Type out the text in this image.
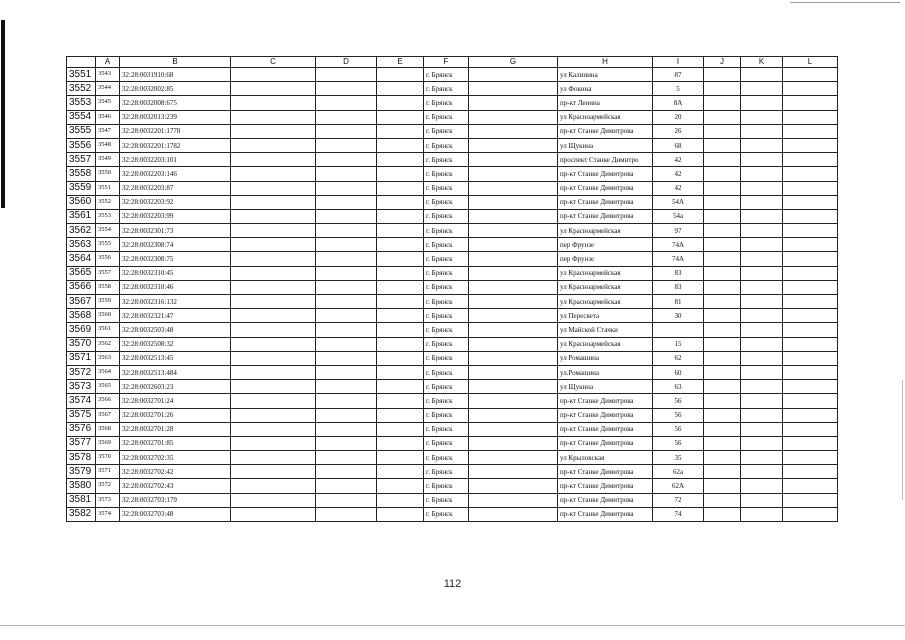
	A	B	C	D	E	F	G	H	I	J	K	L
3551	3543	32:28:0031910:68				г. Брянск		ул Калинина	87			
3552	3544	32:28:0032002:85				г. Брянск		ул Фокина	5			
3553	3545	32:28:0032008:675				г. Брянск		пр-кт Ленина	8А			
3554	3546	32:28:0032013:239				г. Брянск		ул Красноармейская	20			
3555	3547	32:28:0032201:1778				г. Брянск		пр-кт Станке Димитрова	26			
3556	3548	32:28:0032201:1782				г. Брянск		ул Щукина	68			
3557	3549	32:28:0032203:101				г. Брянск		проспект Станке Димитро	42			
3558	3550	32:28:0032203:146				г. Брянск		пр-кт Станке Димитрова	42			
3559	3551	32:28:0032203:87				г. Брянск		пр-кт Станке Димитрова	42			
3560	3552	32:28:0032203:92				г. Брянск		пр-кт Станке Димитрова	54А			
3561	3553	32:28:0032203:99				г. Брянск		пр-кт Станке Димитрова	54а			
3562	3554	32:28:0032301:73				г. Брянск		ул Красноармейская	97			
3563	3555	32:28:0032308:74				г. Брянск		пер Фрунзе	74А			
3564	3556	32:28:0032308:75				г. Брянск		пер Фрунзе	74А			
3565	3557	32:28:0032310:45				г. Брянск		ул Красноармейская	83			
3566	3558	32:28:0032310:46				г. Брянск		ул Красноармейская	83			
3567	3559	32:28:0032316:132				г. Брянск		ул Красноармейская	81			
3568	3560	32:28:0032321:47				г. Брянск		ул Пересвета	30			
3569	3561	32:28:0032503:48				г. Брянск		ул Майской Стачки				
3570	3562	32:28:0032508:32				г. Брянск		ул Красноармейская	15			
3571	3563	32:28:0032513:45				г. Брянск		ул Ромашина	62			
3572	3564	32:28:0032513:484				г. Брянск		ул.Ромашина	60			
3573	3565	32:28:0032603:23				г. Брянск		ул Щукина	63			
3574	3566	32:28:0032701:24				г. Брянск		пр-кт Станке Димитрова	56			
3575	3567	32:28:0032701:26				г. Брянск		пр-кт Станке Димитрова	56			
3576	3568	32:28:0032701:28				г. Брянск		пр-кт Станке Димитрова	56			
3577	3569	32:28:0032701:85				г. Брянск		пр-кт Станке Димитрова	56			
3578	3570	32:28:0032702:35				г. Брянск		ул Крыловская	35			
3579	3571	32:28:0032702:42				г. Брянск		пр-кт Станке Димитрова	62а			
3580	3572	32:28:0032702:43				г. Брянск		пр-кт Станке Димитрова	62А			
3581	3573	32:28:0032703:179				г. Брянск		пр-кт Станке Димитрова	72			
3582	3574	32:28:0032703:48				г. Брянск		пр-кт Станке Димитрова	74			
112
